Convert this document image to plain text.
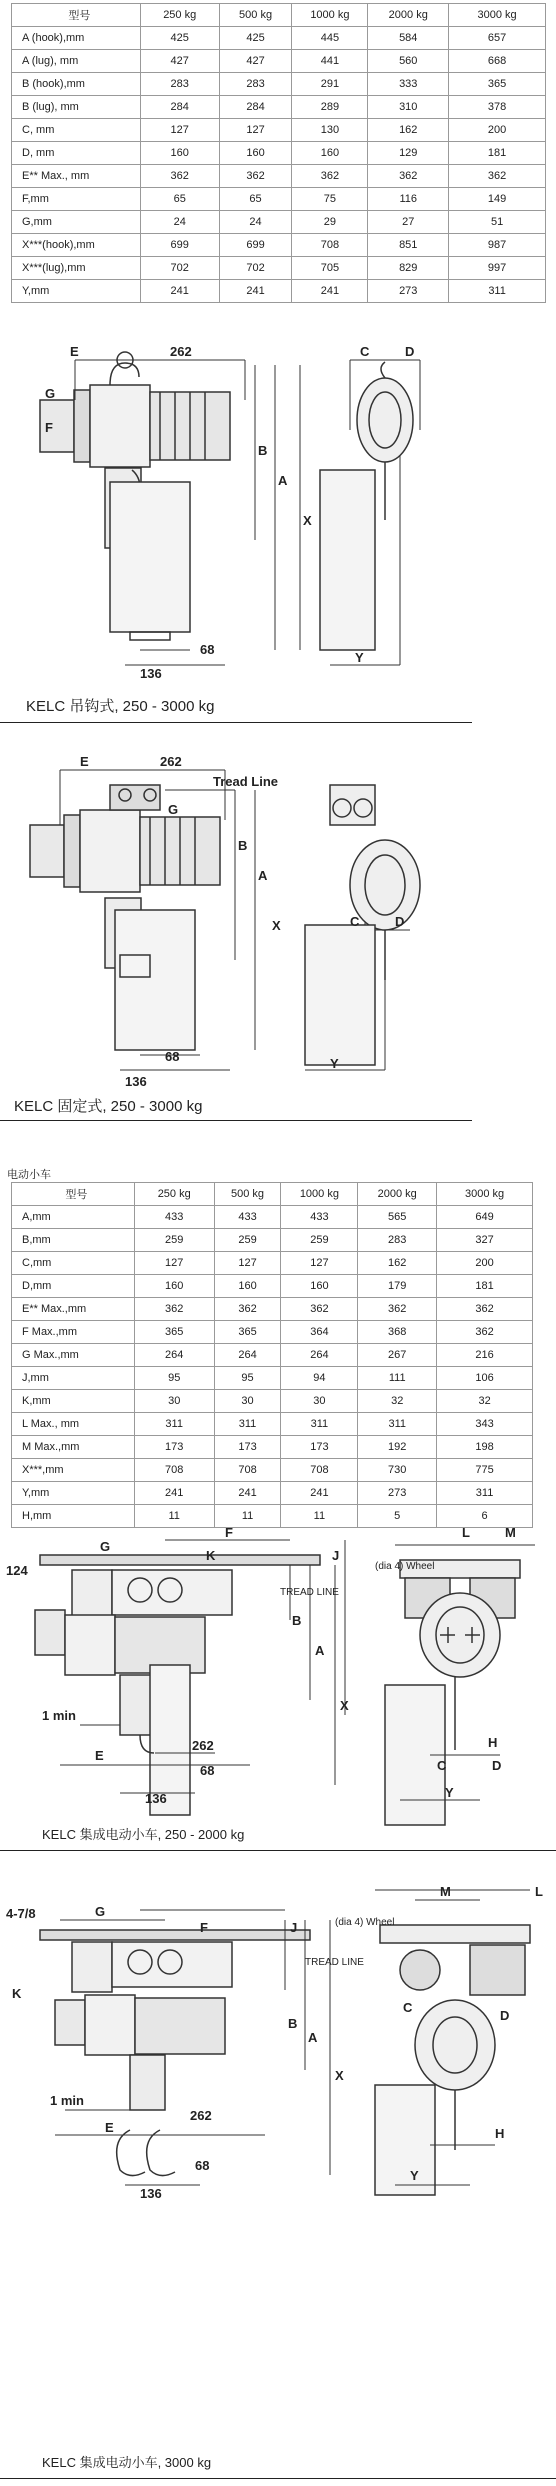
型号	250 kg	500 kg	1000 kg	2000 kg	3000 kg
A (hook),mm	425	425	445	584	657
A (lug), mm	427	427	441	560	668
B (hook),mm	283	283	291	333	365
B (lug), mm	284	284	289	310	378
C, mm	127	127	130	162	200
D, mm	160	160	160	129	181
E** Max., mm	362	362	362	362	362
F,mm	65	65	75	116	149
G,mm	24	24	29	27	51
X***(hook),mm	699	699	708	851	987
X***(lug),mm	702	702	705	829	997
Y,mm	241	241	241	273	311
E	262
G
F
B
A
X
68
136
C	D
Y
KELC 吊钩式, 250 - 3000 kg
E	262
G
Tread Line
B
A
X
68
136
C	D
Y
KELC 固定式, 250 - 3000 kg
电动小车
型号	250 kg	500 kg	1000 kg	2000 kg	3000 kg
A,mm	433	433	433	565	649
B,mm	259	259	259	283	327
C,mm	127	127	127	162	200
D,mm	160	160	160	179	181
E** Max.,mm	362	362	362	362	362
F Max.,mm	365	365	364	368	362
G Max.,mm	264	264	264	267	216
J,mm	95	95	94	111	106
K,mm	30	30	30	32	32
L Max., mm	311	311	311	311	343
M Max.,mm	173	173	173	192	198
X***,mm	708	708	708	730	775
Y,mm	241	241	241	273	311
H,mm	11	11	11	5	6
G
F
J
124
K
TREAD LINE
B
A
X
1 min
E
262
68
136
L	M
(dia 4) Wheel
C	D
H
Y
KELC 集成电动小车, 250 - 2000 kg
4-7/8	G
F	J
K
TREAD LINE
B
A
X
1 min
E
262
68
136
M	L
(dia 4) Wheel
C
D
H
Y
KELC 集成电动小车, 3000 kg
